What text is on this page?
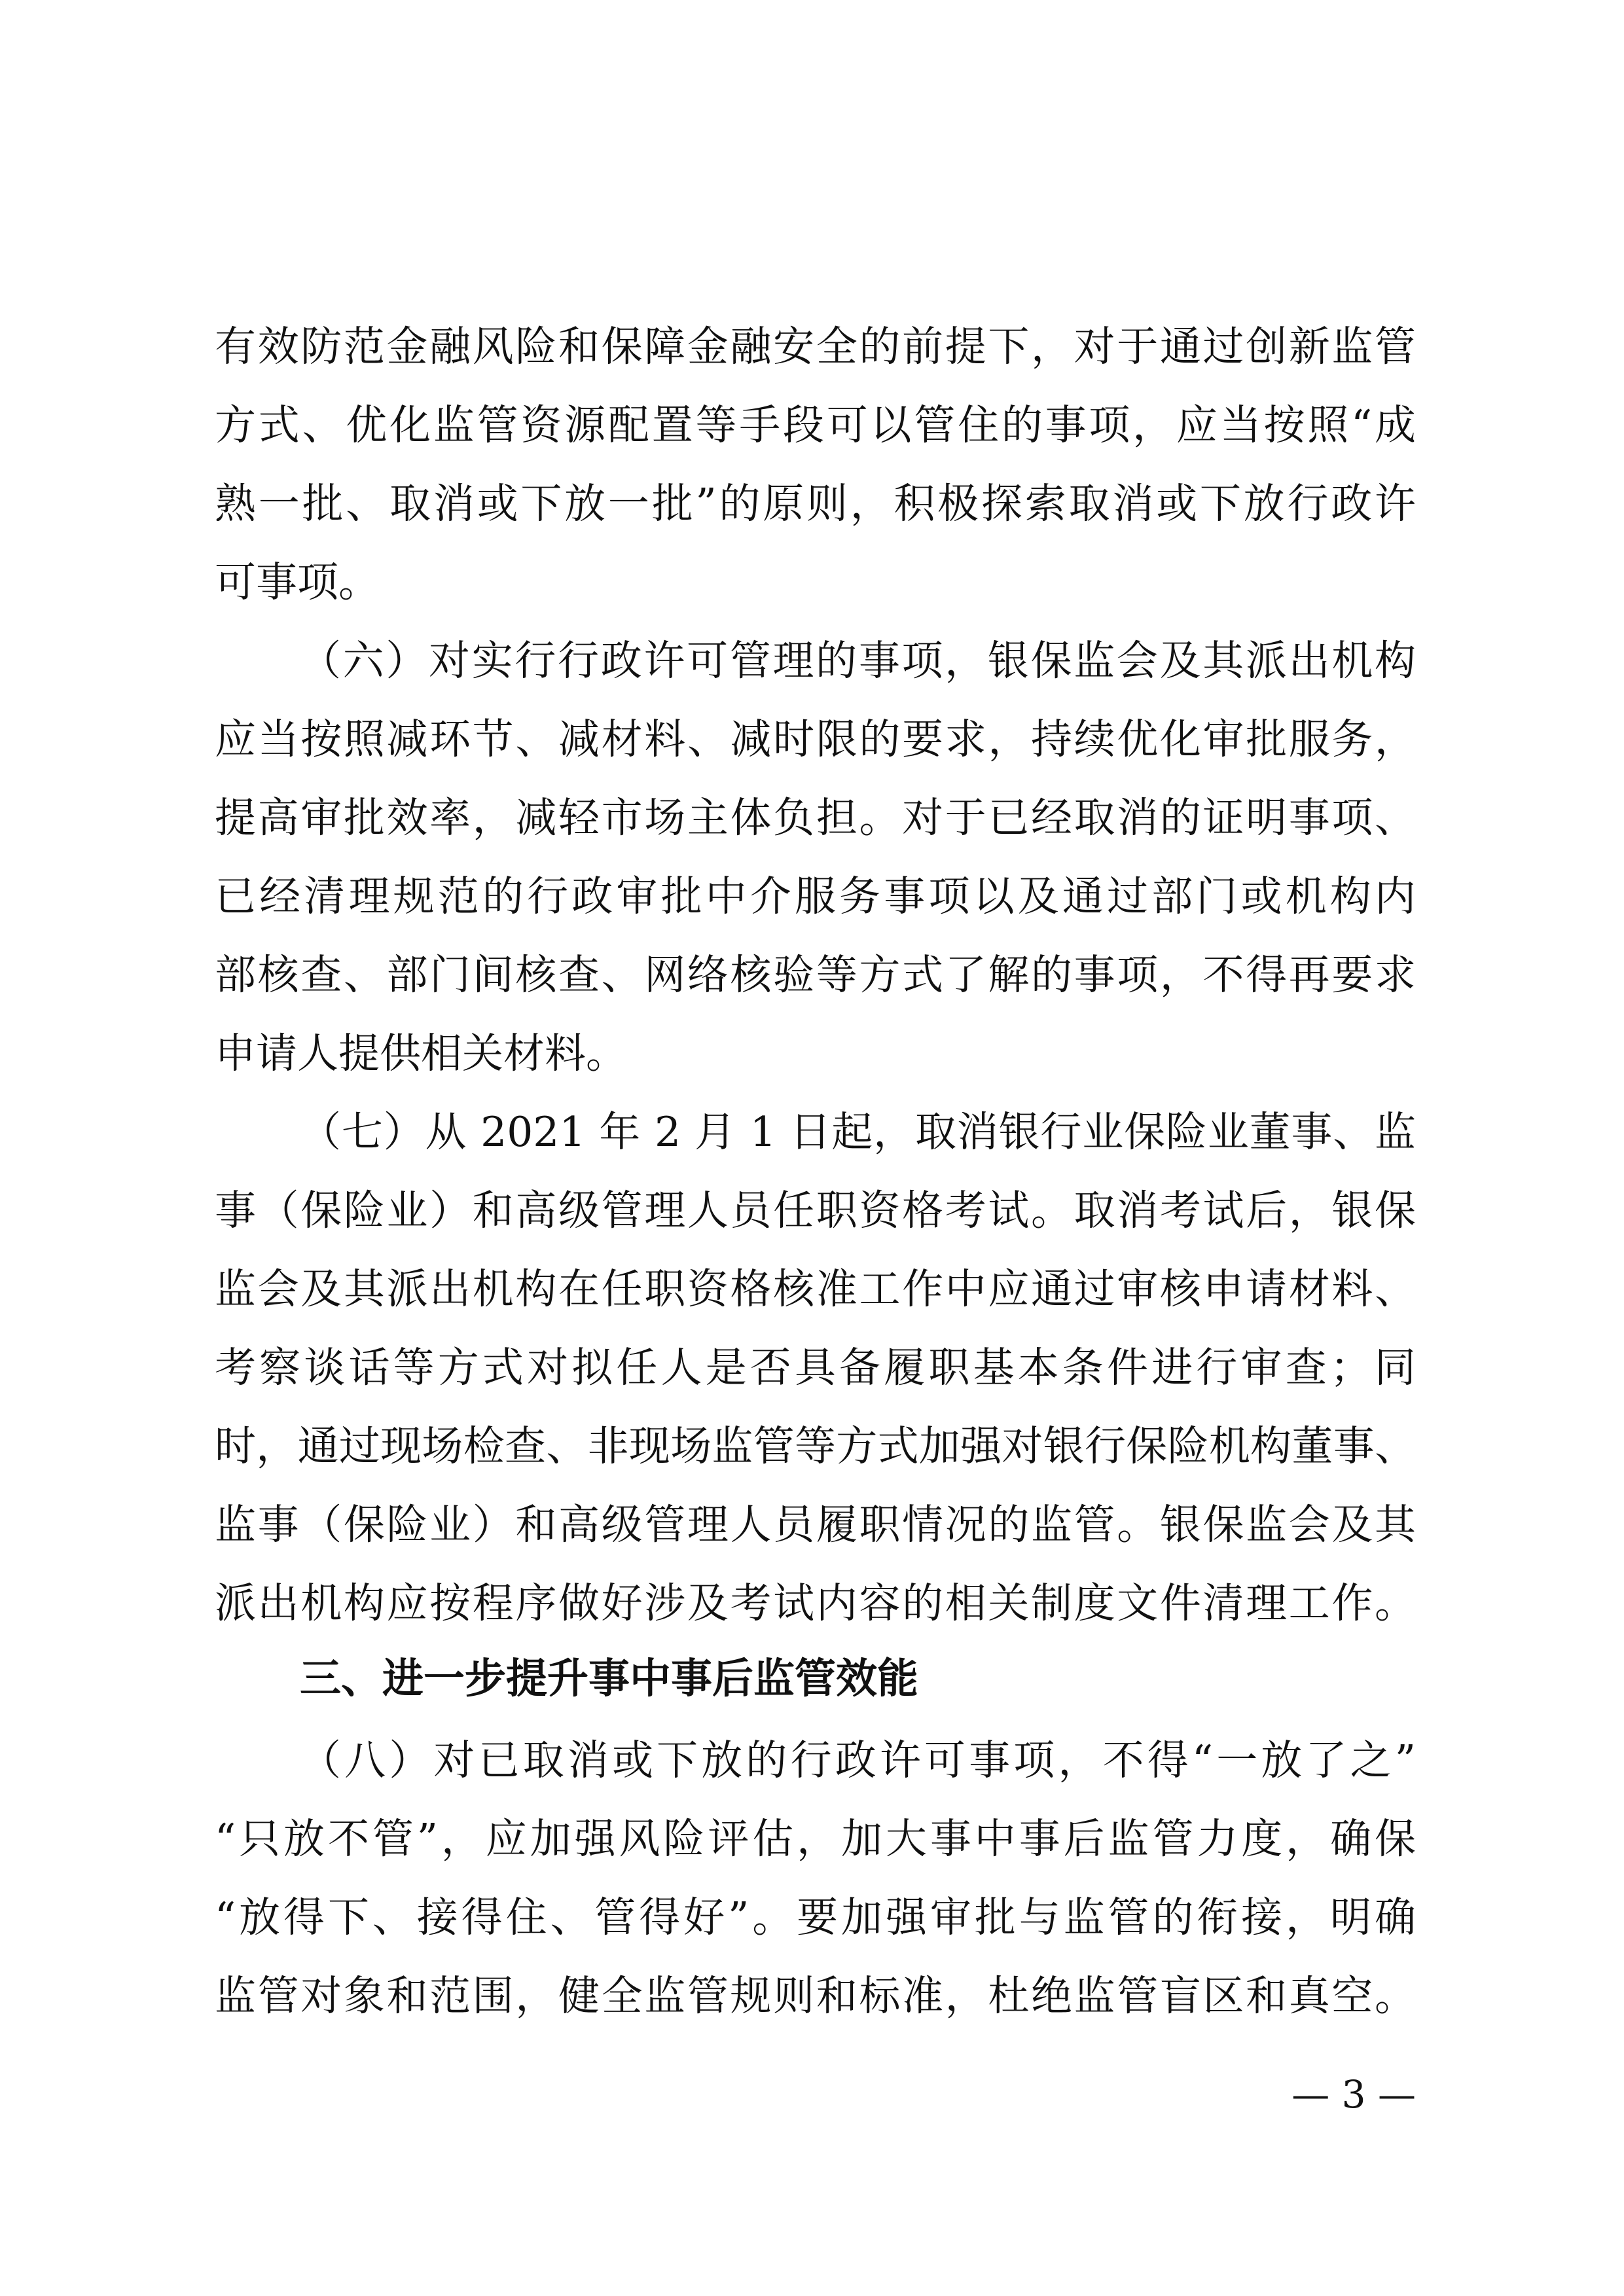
有效防范金融风险和保障金融安全的前提下，对于通过创新监管
方式、优化监管资源配置等手段可以管住的事项，应当按照“成
熟一批、取消或下放一批”的原则，积极探索取消或下放行政许
可事项。
（六）对实行行政许可管理的事项，银保监会及其派出机构
应当按照减环节、减材料、减时限的要求，持续优化审批服务，
提高审批效率，减轻市场主体负担。对于已经取消的证明事项、
已经清理规范的行政审批中介服务事项以及通过部门或机构内
部核查、部门间核查、网络核验等方式了解的事项，不得再要求
申请人提供相关材料。
（七）从 2021 年 2 月 1 日起，取消银行业保险业董事、监
事（保险业）和高级管理人员任职资格考试。取消考试后，银保
监会及其派出机构在任职资格核准工作中应通过审核申请材料、
考察谈话等方式对拟任人是否具备履职基本条件进行审查；同
时，通过现场检查、非现场监管等方式加强对银行保险机构董事、
监事（保险业）和高级管理人员履职情况的监管。银保监会及其
派出机构应按程序做好涉及考试内容的相关制度文件清理工作。
三、进一步提升事中事后监管效能
（八）对已取消或下放的行政许可事项，不得“一放了之”
“只放不管”，应加强风险评估，加大事中事后监管力度，确保
“放得下、接得住、管得好”。要加强审批与监管的衔接，明确
监管对象和范围，健全监管规则和标准，杜绝监管盲区和真空。
— 3 —
